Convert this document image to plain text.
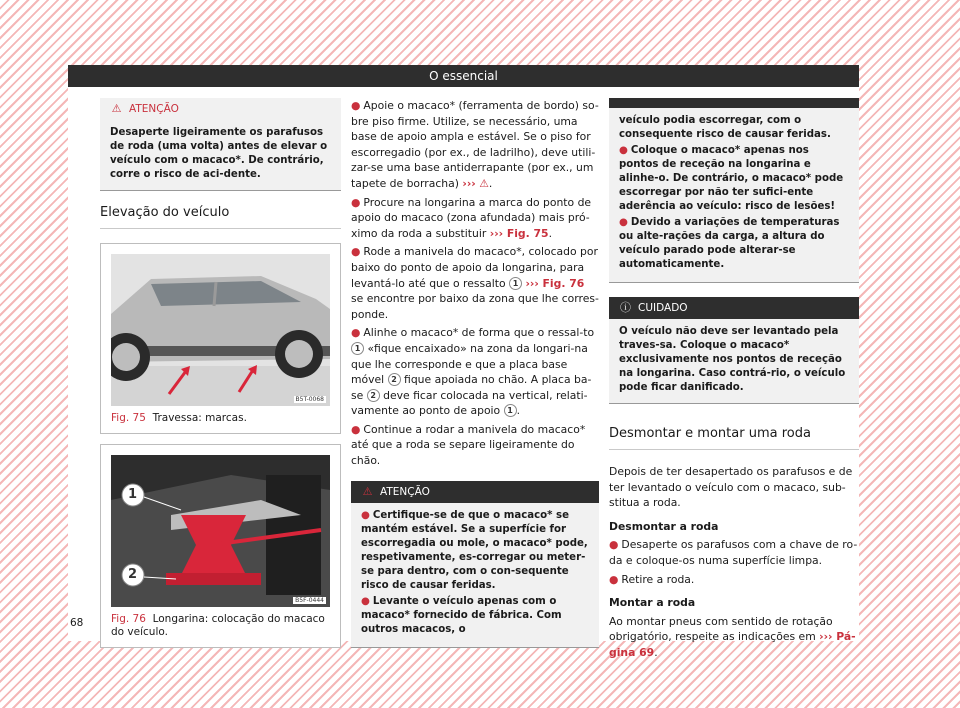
O essencial
⚠ ATENÇÃO
Desaperte ligeiramente os parafusos de roda (uma volta) antes de elevar o veículo com o macaco*. De contrário, corre o risco de aci-dente.
Elevação do veículo
B5T-0068
Fig. 75 Travessa: marcas.
1
2
B5F-0444
Fig. 76 Longarina: colocação do macaco do veículo.

● Apoie o macaco* (ferramenta de bordo) so-bre piso firme. Utilize, se necessário, uma base de apoio ampla e estável. Se o piso for escorregadio (por ex., de ladrilho), deve utili-zar-se uma base antiderrapante (por ex., um tapete de borracha) ››› ⚠.

● Procure na longarina a marca do ponto de apoio do macaco (zona afundada) mais pró-ximo da roda a substituir ››› Fig. 75.

● Rode a manivela do macaco*, colocado por baixo do ponto de apoio da longarina, para levantá-lo até que o ressalto 1 ››› Fig. 76 se encontre por baixo da zona que lhe corres-ponde.

● Alinhe o macaco* de forma que o ressal-to 1 «fique encaixado» na zona da longari-na que lhe corresponde e que a placa base móvel 2 fique apoiada no chão. A placa ba-se 2 deve ficar colocada na vertical, relati-vamente ao ponto de apoio 1 .

● Continue a rodar a manivela do macaco* até que a roda se separe ligeiramente do chão.

⚠ ATENÇÃO

● Certifique-se de que o macaco* se mantém estável. Se a superfície for escorregadia ou mole, o macaco* pode, respetivamente, es-corregar ou meter-se para dentro, com o con-sequente risco de causar feridas.

● Levante o veículo apenas com o macaco* fornecido de fábrica. Com outros macacos, o

veículo podia escorregar, com o consequente risco de causar feridas.

● Coloque o macaco* apenas nos pontos de receção na longarina e alinhe-o. De contrário, o macaco* pode escorregar por não ter sufici-ente aderência ao veículo: risco de lesões!

● Devido a variações de temperaturas ou alte-rações da carga, a altura do veículo parado pode alterar-se automaticamente.

ⓘ CUIDADO
O veículo não deve ser levantado pela traves-sa. Coloque o macaco* exclusivamente nos pontos de receção na longarina. Caso contrá-rio, o veículo pode ficar danificado.
Desmontar e montar uma roda

Depois de ter desapertado os parafusos e de ter levantado o veículo com o macaco, sub-stitua a roda.

Desmontar a roda

● Desaperte os parafusos com a chave de ro-da e coloque-os numa superfície limpa.

● Retire a roda.

Montar a roda

Ao montar pneus com sentido de rotação obrigatório, respeite as indicações em ››› Pá-gina 69.

68
